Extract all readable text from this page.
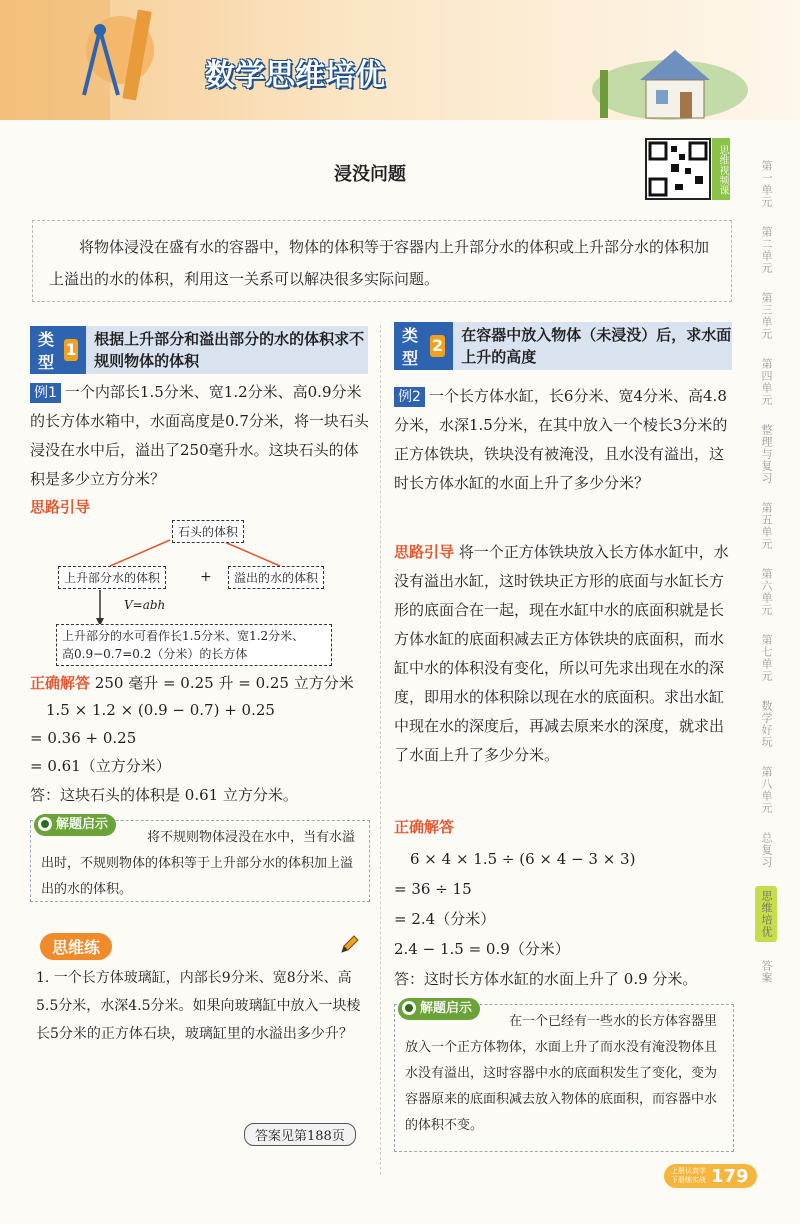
数学思维培优
浸没问题	思维视频课
将物体浸没在盛有水的容器中，物体的体积等于容器内上升部分水的体积或上升部分水的体积加上溢出的水的体积，利用这一关系可以解决很多实际问题。
类型
1
根据上升部分和溢出部分的水的体积求不规则物体的体积
例1 一个内部长1.5分米、宽1.2分米、高0.9分米的长方体水箱中，水面高度是0.7分米，将一块石头浸没在水中后，溢出了250毫升水。这块石头的体积是多少立方分米？
思路引导
石头的体积
上升部分水的体积	+	溢出的水的体积
V=abh
上升部分的水可看作长1.5分米、宽1.2分米、
高0.9−0.7=0.2（分米）的长方体
正确解答 250 毫升 = 0.25 升 = 0.25 立方分米
1.5 × 1.2 × (0.9 − 0.7) + 0.25
= 0.36 + 0.25
= 0.61（立方分米）
答：这块石头的体积是 0.61 立方分米。
将不规则物体浸没在水中，当有水溢出时，不规则物体的体积等于上升部分水的体积加上溢出的水的体积。
解题启示
思维练
1. 一个长方体玻璃缸，内部长9分米、宽8分米、高5.5分米，水深4.5分米。如果向玻璃缸中放入一块棱长5分米的正方体石块，玻璃缸里的水溢出多少升？
答案见第188页
类型
2
在容器中放入物体（未浸没）后，求水面上升的高度
例2 一个长方体水缸，长6分米、宽4分米、高4.8分米，水深1.5分米，在其中放入一个棱长3分米的正方体铁块，铁块没有被淹没，且水没有溢出，这时长方体水缸的水面上升了多少分米？
思路引导 将一个正方体铁块放入长方体水缸中，水没有溢出水缸，这时铁块正方形的底面与水缸长方形的底面合在一起，现在水缸中水的底面积就是长方体水缸的底面积减去正方体铁块的底面积，而水缸中水的体积没有变化，所以可先求出现在水的深度，即用水的体积除以现在水的底面积。求出水缸中现在水的深度后，再减去原来水的深度，就求出了水面上升了多少分米。
正确解答
6 × 4 × 1.5 ÷ (6 × 4 − 3 × 3)
= 36 ÷ 15
= 2.4（分米）
2.4 − 1.5 = 0.9（分米）
答：这时长方体水缸的水面上升了 0.9 分米。
在一个已经有一些水的长方体容器里放入一个正方体物体，水面上升了而水没有淹没物体且水没有溢出，这时容器中水的底面积发生了变化，变为容器原来的底面积减去放入物体的底面积，而容器中水的体积不变。
解题启示
第一单元
第二单元
第三单元
第四单元
整理与复习
第五单元
第六单元
第七单元
数学好玩
第八单元
总复习
思维培优
答案
上册认真学
下册练实战 179
